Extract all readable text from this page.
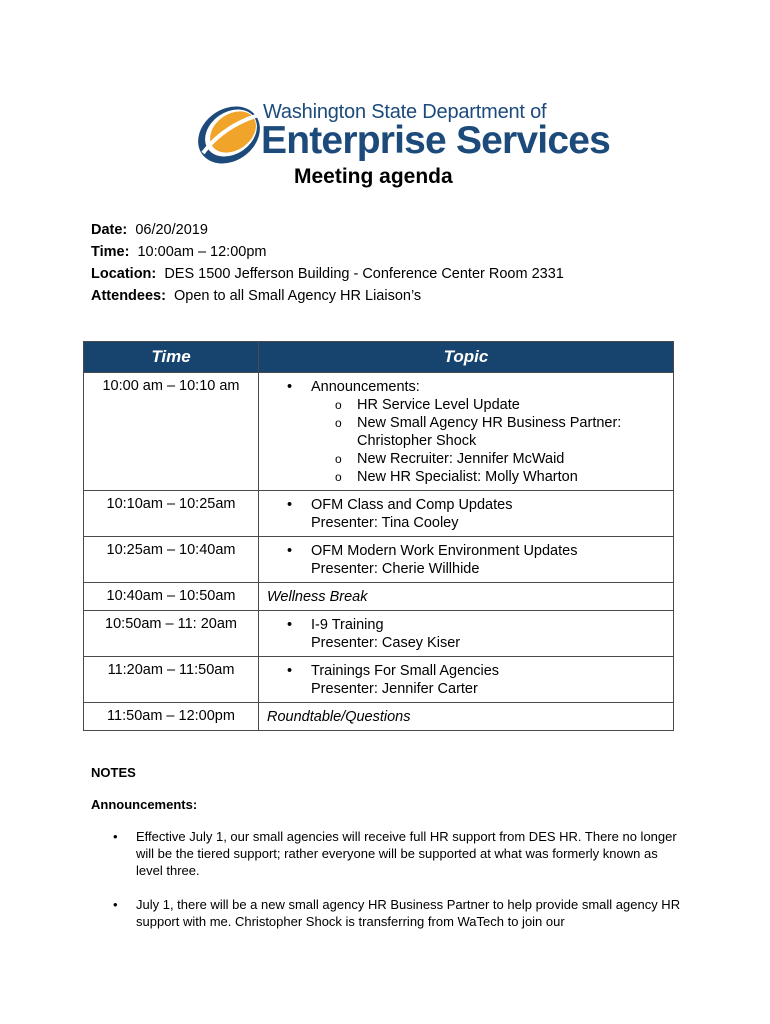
Washington State Department of
Enterprise Services
Meeting agenda
Date: 06/20/2019
Time: 10:00am – 12:00pm
Location: DES 1500 Jefferson Building - Conference Center Room 2331
Attendees: Open to all Small Agency HR Liaison’s
Time	Topic
10:00 am – 10:10 am	• Announcements:
o HR Service Level Update
o New Small Agency HR Business Partner: Christopher Shock
o New Recruiter: Jennifer McWaid
o New HR Specialist: Molly Wharton

10:10am – 10:25am	• OFM Class and Comp Updates
Presenter: Tina Cooley

10:25am – 10:40am	• OFM Modern Work Environment Updates
Presenter: Cherie Willhide

10:40am – 10:50am	Wellness Break

10:50am – 11: 20am	• I-9 Training
Presenter: Casey Kiser

11:20am – 11:50am	• Trainings For Small Agencies
Presenter: Jennifer Carter

11:50am – 12:00pm	Roundtable/Questions
NOTES
Announcements:
• Effective July 1, our small agencies will receive full HR support from DES HR. There no longer will be the tiered support; rather everyone will be supported at what was formerly known as level three.
• July 1, there will be a new small agency HR Business Partner to help provide small agency HR support with me. Christopher Shock is transferring from WaTech to join our
